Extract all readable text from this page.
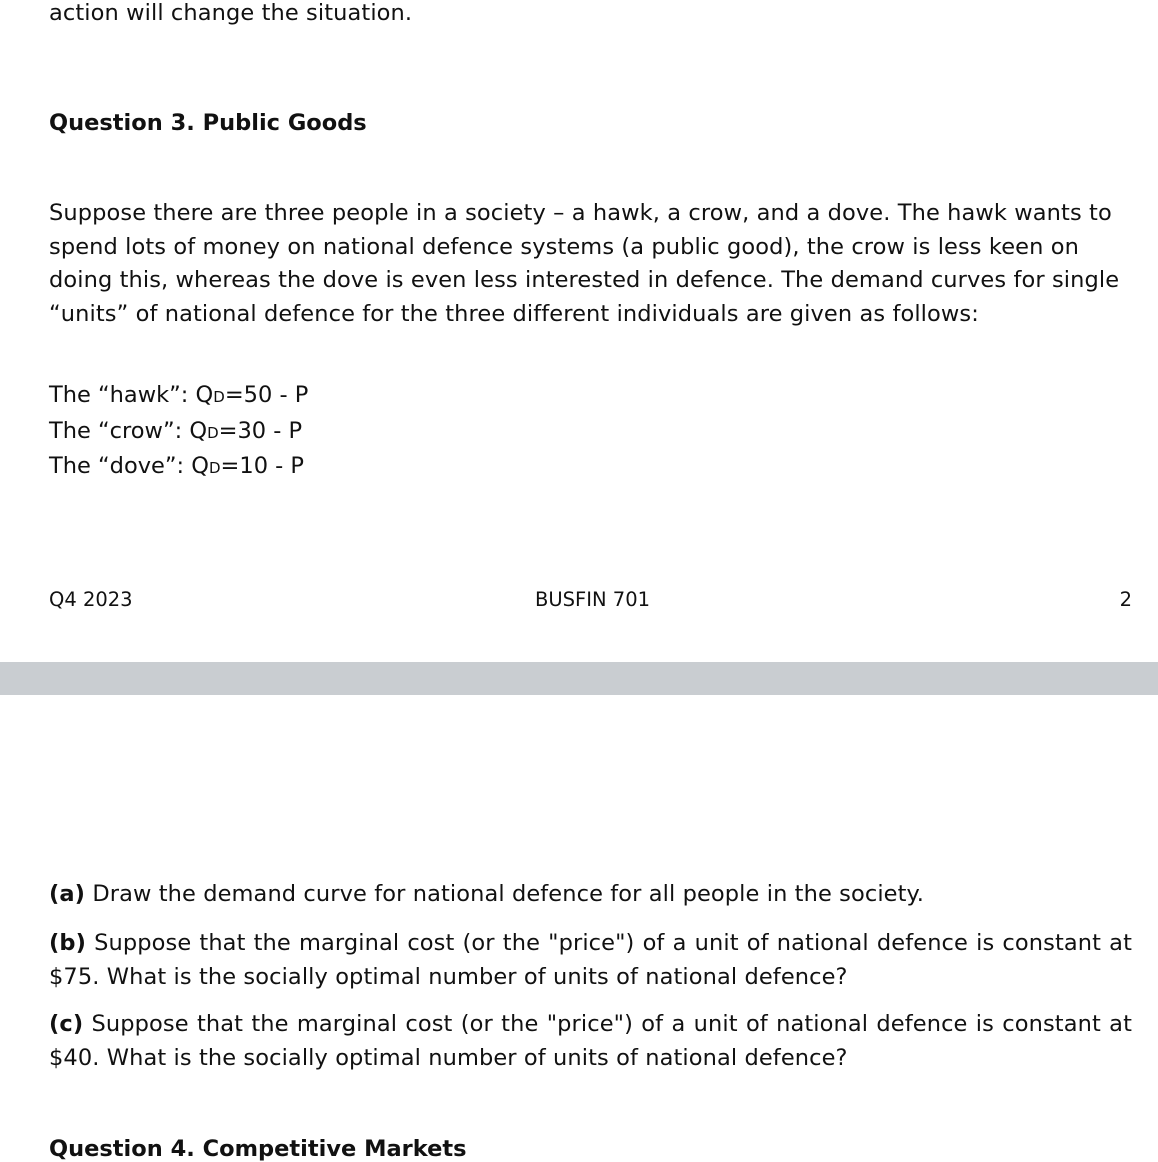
action will change the situation.

Question 3. Public Goods

Suppose there are three people in a society – a hawk, a crow, and a dove. The hawk wants to spend lots of money on national defence systems (a public good), the crow is less keen on doing this, whereas the dove is even less interested in defence. The demand curves for single “units” of national defence for the three different individuals are given as follows:

The “hawk”: QD=50 - P
The “crow”: QD=30 - P
The “dove”: QD=10 - P
Q4 2023	BUSFIN 701	2

(a) Draw the demand curve for national defence for all people in the society.

(b) Suppose that the marginal cost (or the "price") of a unit of national defence is constant at $75. What is the socially optimal number of units of national defence?

(c) Suppose that the marginal cost (or the "price") of a unit of national defence is constant at $40. What is the socially optimal number of units of national defence?

Question 4. Competitive Markets
